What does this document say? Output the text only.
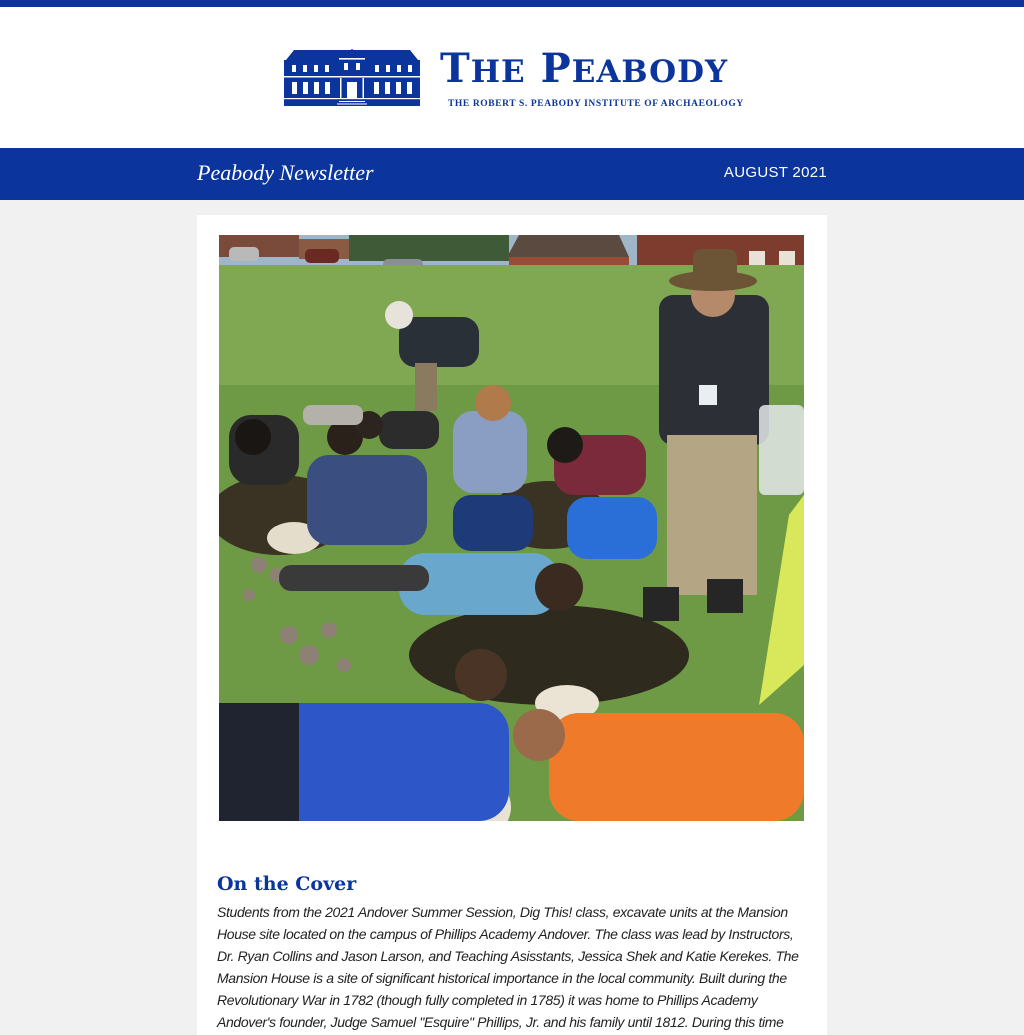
THE PEABODY
THE ROBERT S. PEABODY INSTITUTE OF ARCHAEOLOGY
Peabody Newsletter	AUGUST 2021
On the Cover
Students from the 2021 Andover Summer Session, Dig This! class, excavate units at the Mansion House site located on the campus of Phillips Academy Andover. The class was lead by Instructors, Dr. Ryan Collins and Jason Larson, and Teaching Asisstants, Jessica Shek and Katie Kerekes. The Mansion House is a site of significant historical importance in the local community. Built during the Revolutionary War in 1782 (though fully completed in 1785) it was home to Phillips Academy Andover's founder, Judge Samuel "Esquire" Phillips, Jr. and his family until 1812. During this time
